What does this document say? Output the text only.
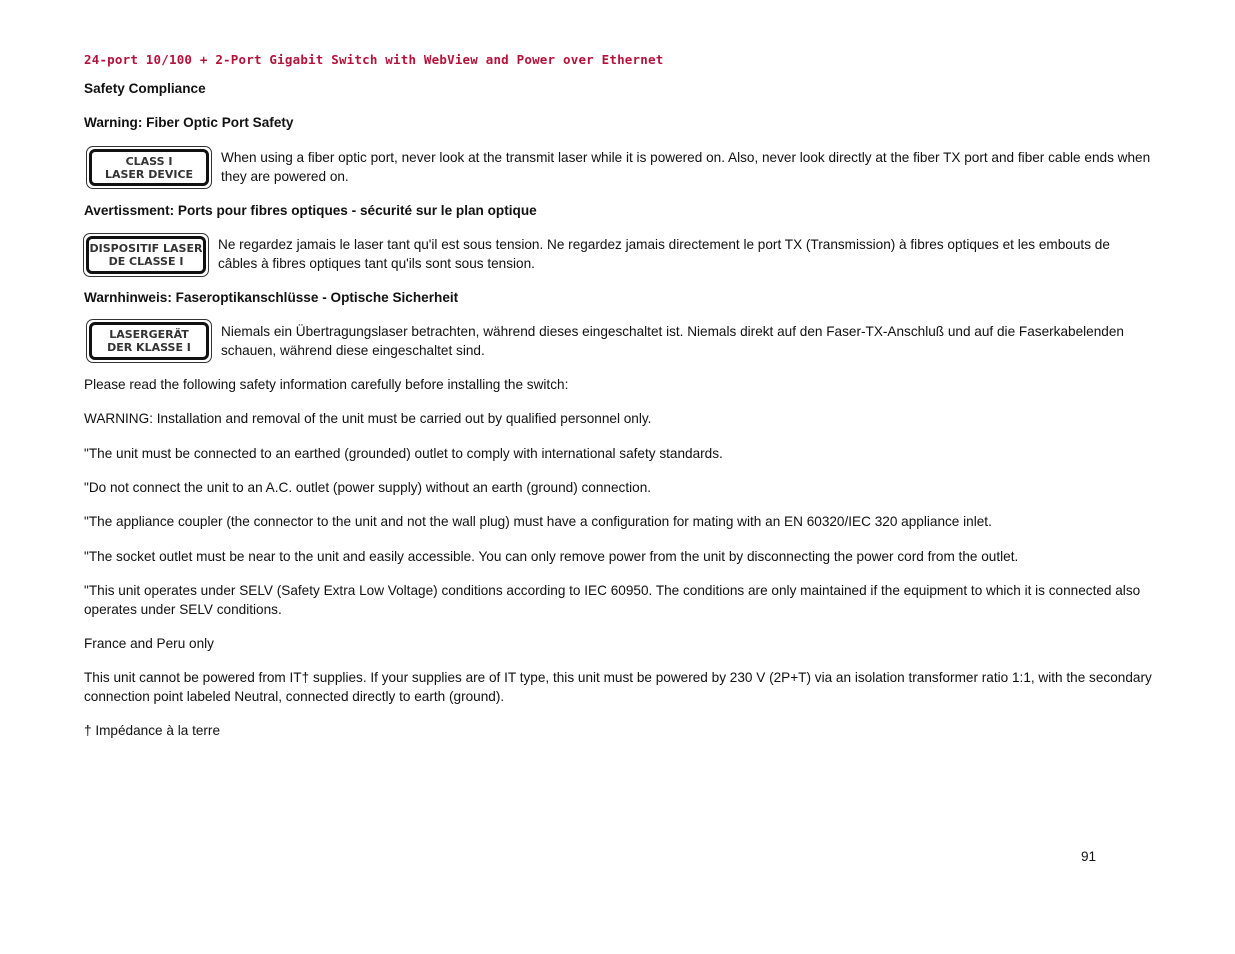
24-port 10/100 + 2-Port Gigabit Switch with WebView and Power over Ethernet
Safety Compliance
Warning: Fiber Optic Port Safety
CLASS I
LASER DEVICE
When using a fiber optic port, never look at the transmit laser while it is powered on. Also, never look directly at the fiber TX port and fiber cable ends when they are powered on.
Avertissment: Ports pour fibres optiques - sécurité sur le plan optique
DISPOSITIF LASER
DE CLASSE I
Ne regardez jamais le laser tant qu'il est sous tension. Ne regardez jamais directement le port TX (Transmission) à fibres optiques et les embouts de câbles à fibres optiques tant qu'ils sont sous tension.
Warnhinweis: Faseroptikanschlüsse - Optische Sicherheit
LASERGERÄT
DER KLASSE I
Niemals ein Übertragungslaser betrachten, während dieses eingeschaltet ist. Niemals direkt auf den Faser-TX-Anschluß und auf die Faserkabelenden schauen, während diese eingeschaltet sind.
Please read the following safety information carefully before installing the switch:
WARNING: Installation and removal of the unit must be carried out by qualified personnel only.
"The unit must be connected to an earthed (grounded) outlet to comply with international safety standards.
"Do not connect the unit to an A.C. outlet (power supply) without an earth (ground) connection.
"The appliance coupler (the connector to the unit and not the wall plug) must have a configuration for mating with an EN 60320/IEC 320 appliance inlet.
"The socket outlet must be near to the unit and easily accessible. You can only remove power from the unit by disconnecting the power cord from the outlet.
"This unit operates under SELV (Safety Extra Low Voltage) conditions according to IEC 60950. The conditions are only maintained if the equipment to which it is connected also operates under SELV conditions.
France and Peru only
This unit cannot be powered from IT† supplies. If your supplies are of IT type, this unit must be powered by 230 V (2P+T) via an isolation transformer ratio 1:1, with the secondary connection point labeled Neutral, connected directly to earth (ground).
† Impédance à la terre
91
